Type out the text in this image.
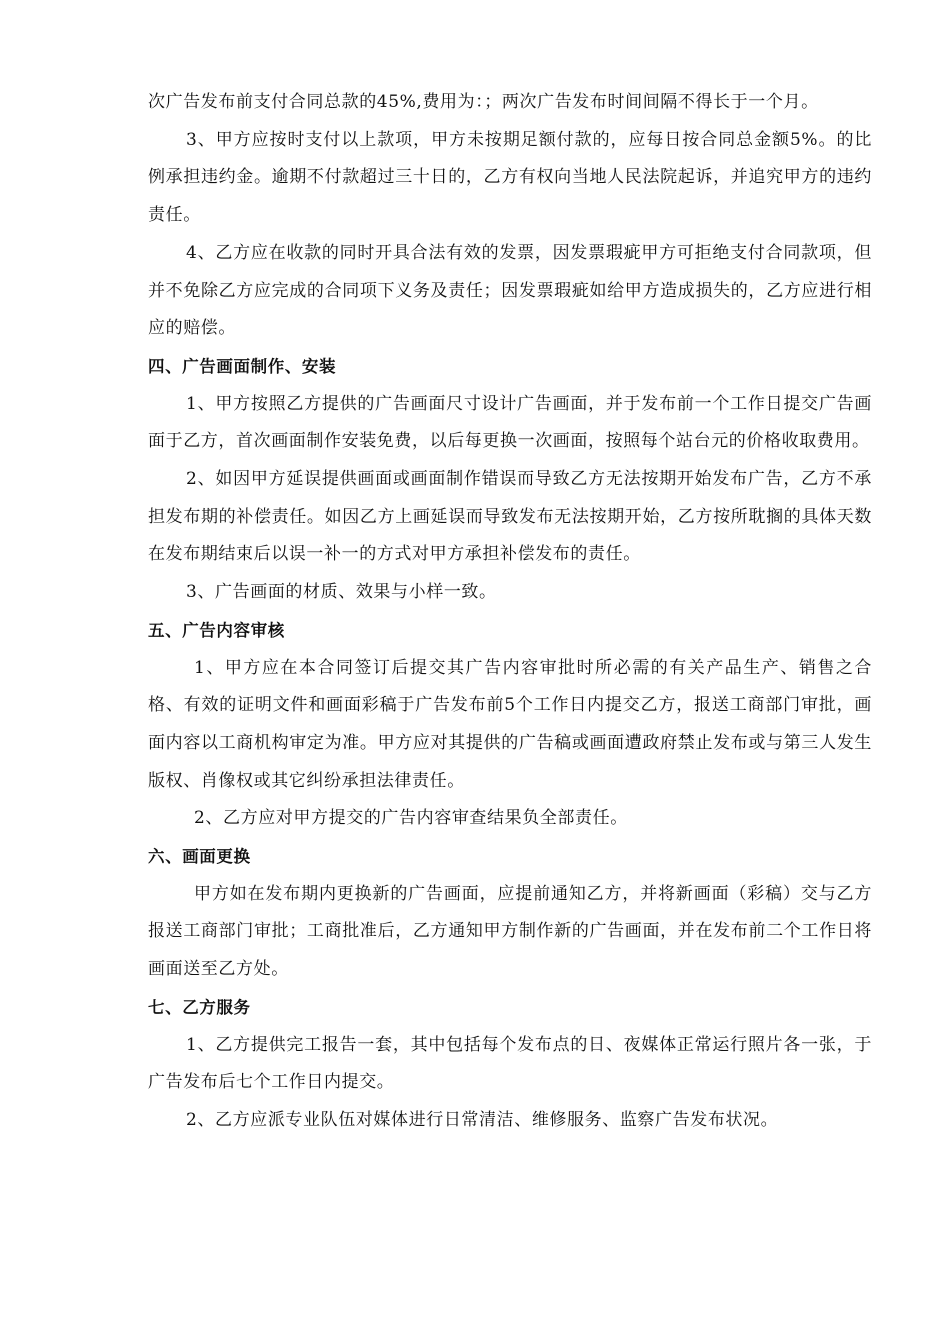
次广告发布前支付合同总款的45%,费用为：；两次广告发布时间间隔不得长于一个月。

3、甲方应按时支付以上款项，甲方未按期足额付款的，应每日按合同总金额5%。的比例承担违约金。逾期不付款超过三十日的，乙方有权向当地人民法院起诉，并追究甲方的违约责任。

4、乙方应在收款的同时开具合法有效的发票，因发票瑕疵甲方可拒绝支付合同款项，但并不免除乙方应完成的合同项下义务及责任；因发票瑕疵如给甲方造成损失的，乙方应进行相应的赔偿。

四、广告画面制作、安装

1、甲方按照乙方提供的广告画面尺寸设计广告画面，并于发布前一个工作日提交广告画面于乙方，首次画面制作安装免费，以后每更换一次画面，按照每个站台元的价格收取费用。

2、如因甲方延误提供画面或画面制作错误而导致乙方无法按期开始发布广告，乙方不承担发布期的补偿责任。如因乙方上画延误而导致发布无法按期开始，乙方按所耽搁的具体天数在发布期结束后以误一补一的方式对甲方承担补偿发布的责任。

3、广告画面的材质、效果与小样一致。

五、广告内容审核

1、甲方应在本合同签订后提交其广告内容审批时所必需的有关产品生产、销售之合格、有效的证明文件和画面彩稿于广告发布前5个工作日内提交乙方，报送工商部门审批，画面内容以工商机构审定为准。甲方应对其提供的广告稿或画面遭政府禁止发布或与第三人发生版权、肖像权或其它纠纷承担法律责任。

2、乙方应对甲方提交的广告内容审查结果负全部责任。

六、画面更换

甲方如在发布期内更换新的广告画面，应提前通知乙方，并将新画面（彩稿）交与乙方报送工商部门审批；工商批准后，乙方通知甲方制作新的广告画面，并在发布前二个工作日将画面送至乙方处。

七、乙方服务

1、乙方提供完工报告一套，其中包括每个发布点的日、夜媒体正常运行照片各一张，于广告发布后七个工作日内提交。

2、乙方应派专业队伍对媒体进行日常清洁、维修服务、监察广告发布状况。
